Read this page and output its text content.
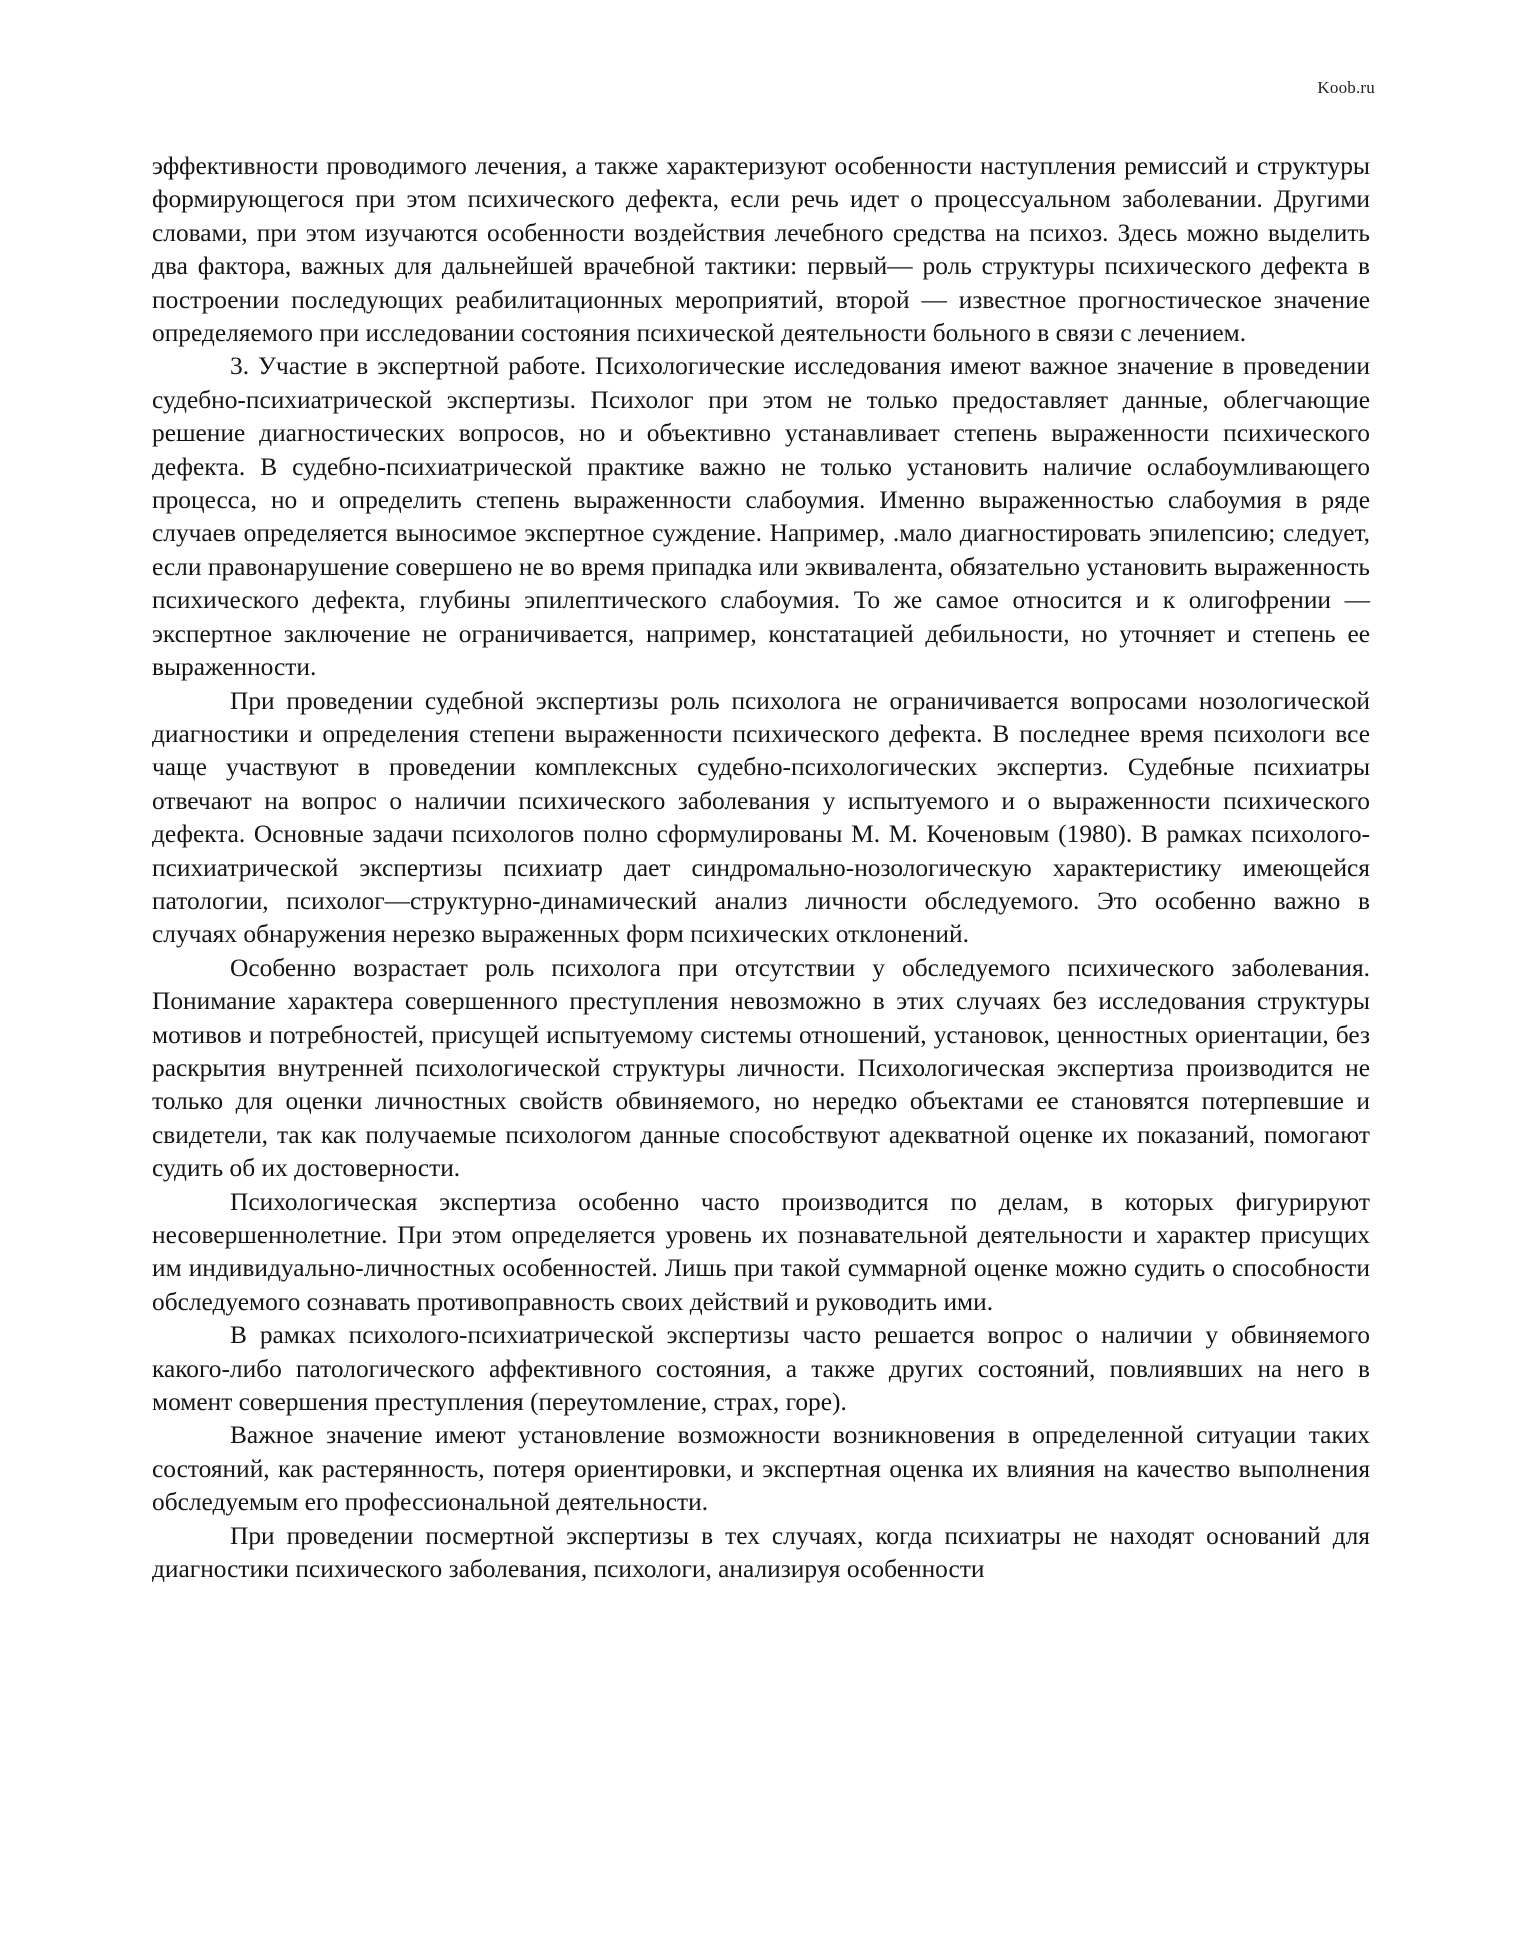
Koob.ru

эффективности проводимого лечения, а также характеризуют особенности наступления ремиссий и структуры формирующегося при этом психического дефекта, если речь идет о процессуальном заболевании. Другими словами, при этом изучаются особенности воздействия лечебного средства на психоз. Здесь можно выделить два фактора, важных для дальнейшей врачебной тактики: первый— роль структуры психического дефекта в построении последующих реабилитационных мероприятий, второй — известное прогностическое значение определяемого при исследовании состояния психической деятельности больного в связи с лечением.

3. Участие в экспертной работе. Психологические исследования имеют важное значение в проведении судебно-психиатрической экспертизы. Психолог при этом не только предоставляет данные, облегчающие решение диагностических вопросов, но и объективно устанавливает степень выраженности психического дефекта. В судебно-психиатрической практике важно не только установить наличие ослабоумливающего процесса, но и определить степень выраженности слабоумия. Именно выраженностью слабоумия в ряде случаев определяется выносимое экспертное суждение. Например, .мало диагностировать эпилепсию; следует, если правонарушение совершено не во время припадка или эквивалента, обязательно установить выраженность психического дефекта, глубины эпилептического слабоумия. То же самое относится и к олигофрении — экспертное заключение не ограничивается, например, констатацией дебильности, но уточняет и степень ее выраженности.

При проведении судебной экспертизы роль психолога не ограничивается вопросами нозологической диагностики и определения степени выраженности психического дефекта. В последнее время психологи все чаще участвуют в проведении комплексных судебно-психологических экспертиз. Судебные психиатры отвечают на вопрос о наличии психического заболевания у испытуемого и о выраженности психического дефекта. Основные задачи психологов полно сформулированы М. М. Коченовым (1980). В рамках психолого-психиатрической экспертизы психиатр дает синдромально-нозологическую характеристику имеющейся патологии, психолог—структурно-динамический анализ личности обследуемого. Это особенно важно в случаях обнаружения нерезко выраженных форм психических отклонений.

Особенно возрастает роль психолога при отсутствии у обследуемого психического заболевания. Понимание характера совершенного преступления невозможно в этих случаях без исследования структуры мотивов и потребностей, присущей испытуемому системы отношений, установок, ценностных ориентации, без раскрытия внутренней психологической структуры личности. Психологическая экспертиза производится не только для оценки личностных свойств обвиняемого, но нередко объектами ее становятся потерпевшие и свидетели, так как получаемые психологом данные способствуют адекватной оценке их показаний, помогают судить об их достоверности.

Психологическая экспертиза особенно часто производится по делам, в которых фигурируют несовершеннолетние. При этом определяется уровень их познавательной деятельности и характер присущих им индивидуально-личностных особенностей. Лишь при такой суммарной оценке можно судить о способности обследуемого сознавать противоправность своих действий и руководить ими.

В рамках психолого-психиатрической экспертизы часто решается вопрос о наличии у обвиняемого какого-либо патологического аффективного состояния, а также других состояний, повлиявших на него в момент совершения преступления (переутомление, страх, горе).

Важное значение имеют установление возможности возникновения в определенной ситуации таких состояний, как растерянность, потеря ориентировки, и экспертная оценка их влияния на качество выполнения обследуемым его профессиональной деятельности.

При проведении посмертной экспертизы в тех случаях, когда психиатры не находят оснований для диагностики психического заболевания, психологи, анализируя особенности
